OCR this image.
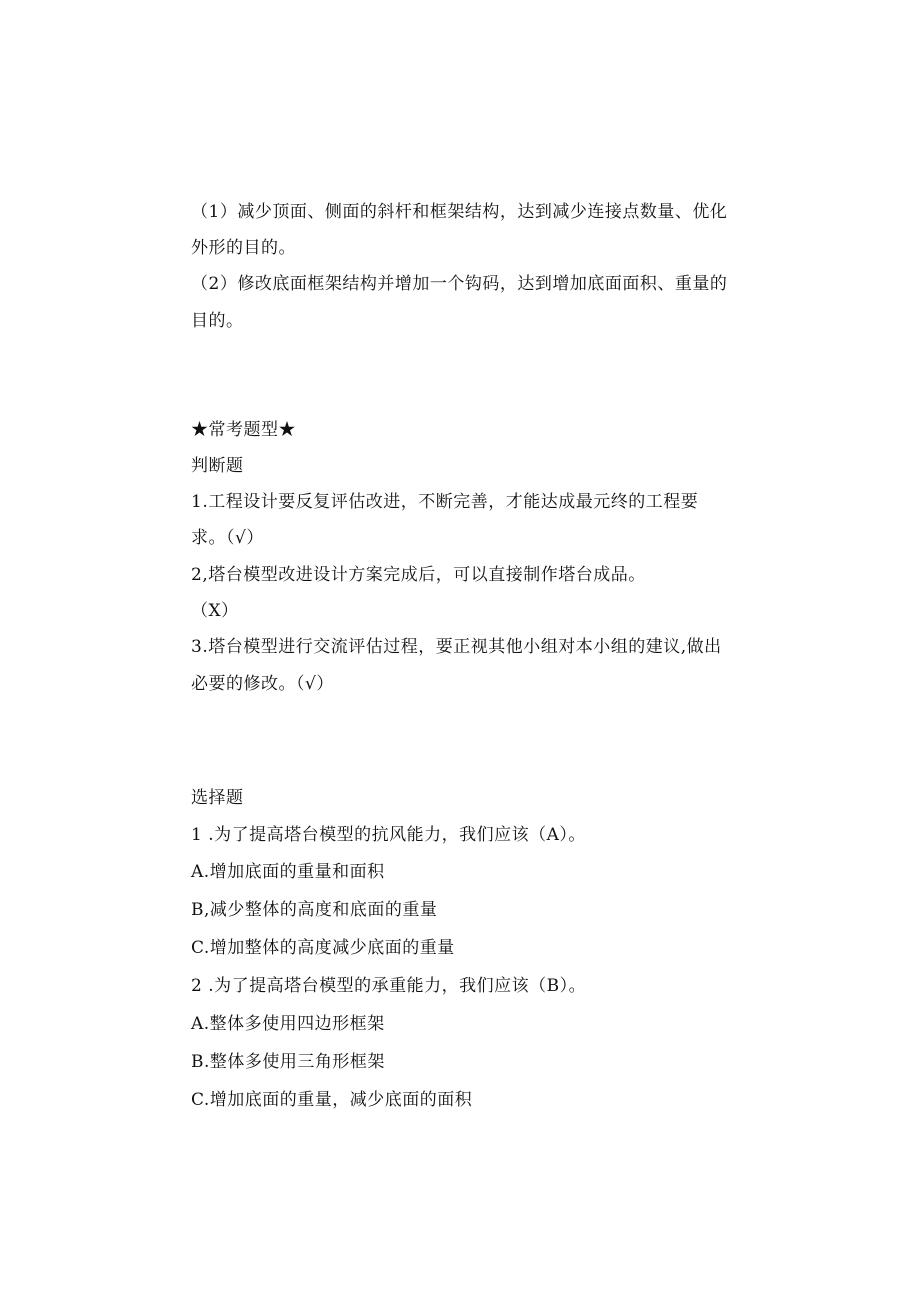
（1）减少顶面、侧面的斜杆和框架结构，达到减少连接点数量、优化
外形的目的。
（2）修改底面框架结构并增加一个钩码，达到增加底面面积、重量的
目的。
★常考题型★
判断题
1.工程设计要反复评估改进，不断完善，才能达成最元终的工程要
求。（√）
2,塔台模型改进设计方案完成后，可以直接制作塔台成品。
（X）
3.塔台模型进行交流评估过程，要正视其他小组对本小组的建议,做出
必要的修改。（√）
选择题
1 .为了提高塔台模型的抗风能力，我们应该（A）。
A.增加底面的重量和面积
B,减少整体的高度和底面的重量
C.增加整体的高度减少底面的重量
2 .为了提高塔台模型的承重能力，我们应该（B）。
A.整体多使用四边形框架
B.整体多使用三角形框架
C.增加底面的重量，减少底面的面积
